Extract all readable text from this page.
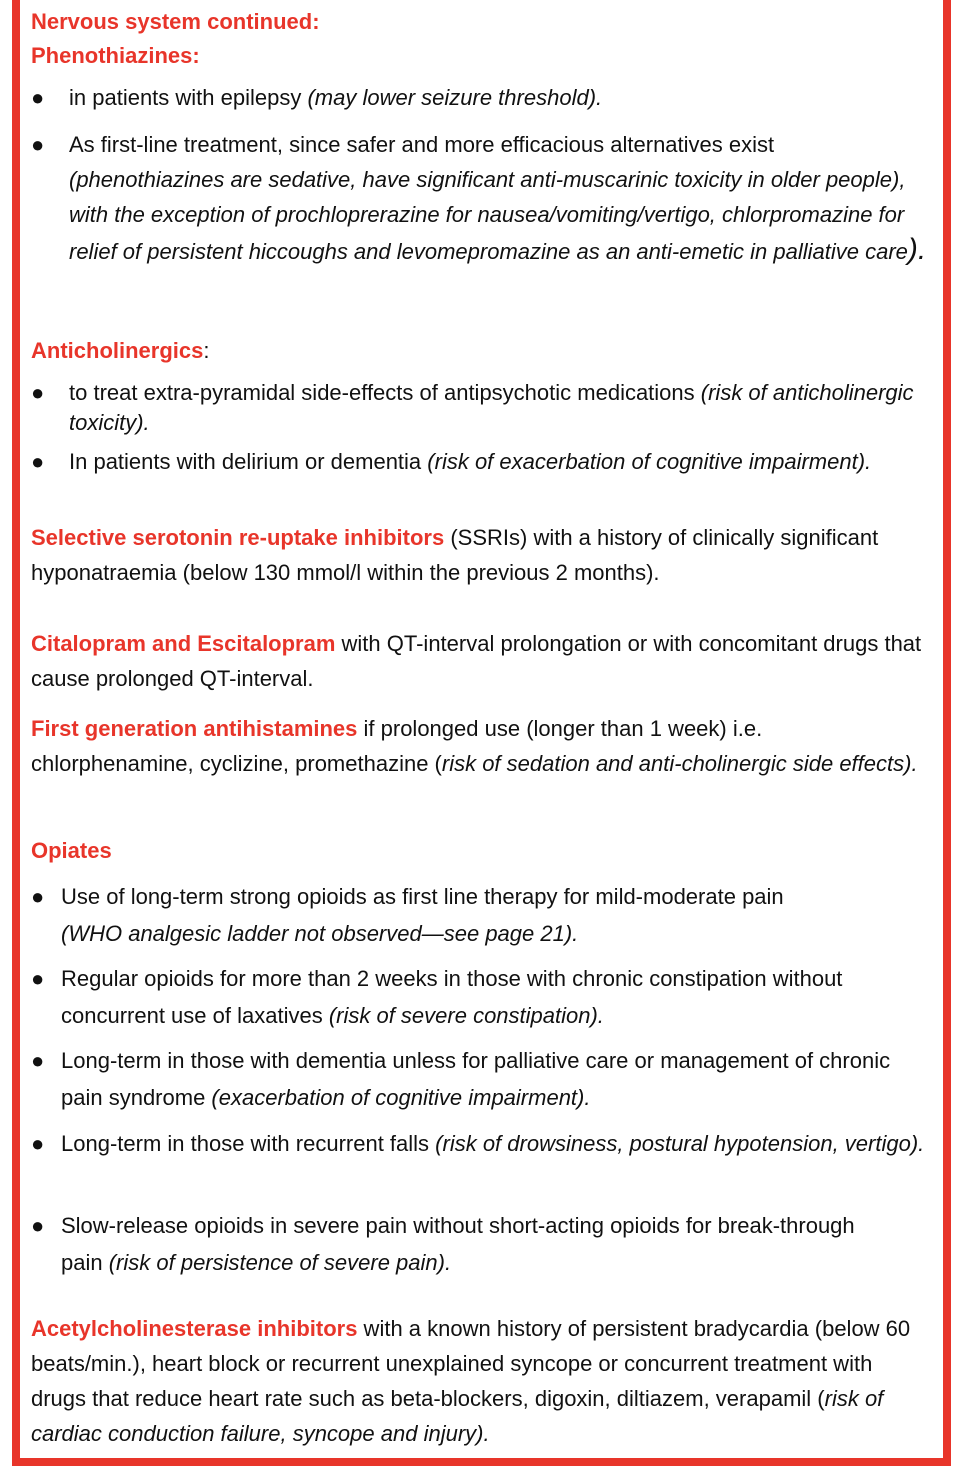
Nervous system continued:
Phenothiazines:
● in patients with epilepsy (may lower seizure threshold).
● As first-line treatment, since safer and more efficacious alternatives exist
(phenothiazines are sedative, have significant anti-muscarinic toxicity in older people), with the exception of prochloprerazine for nausea/vomiting/vertigo, chlorpromazine for relief of persistent hiccoughs and levomepromazine as an anti-emetic in palliative care).
Anticholinergics:
● to treat extra-pyramidal side-effects of antipsychotic medications (risk of anticholinergic toxicity).
● In patients with delirium or dementia (risk of exacerbation of cognitive impairment).
Selective serotonin re-uptake inhibitors (SSRIs) with a history of clinically significant hyponatraemia (below 130 mmol/l within the previous 2 months).
Citalopram and Escitalopram with QT-interval prolongation or with concomitant drugs that cause prolonged QT-interval.
First generation antihistamines if prolonged use (longer than 1 week) i.e. chlorphenamine, cyclizine, promethazine (risk of sedation and anti-cholinergic side effects).
Opiates
● Use of long-term strong opioids as first line therapy for mild-moderate pain
(WHO analgesic ladder not observed—see page 21).
● Regular opioids for more than 2 weeks in those with chronic constipation without concurrent use of laxatives (risk of severe constipation).
● Long-term in those with dementia unless for palliative care or management of chronic pain syndrome (exacerbation of cognitive impairment).
● Long-term in those with recurrent falls (risk of drowsiness, postural hypotension, vertigo).
● Slow-release opioids in severe pain without short-acting opioids for break-through pain (risk of persistence of severe pain).
Acetylcholinesterase inhibitors with a known history of persistent bradycardia (below 60 beats/min.), heart block or recurrent unexplained syncope or concurrent treatment with drugs that reduce heart rate such as beta-blockers, digoxin, diltiazem, verapamil (risk of cardiac conduction failure, syncope and injury).
